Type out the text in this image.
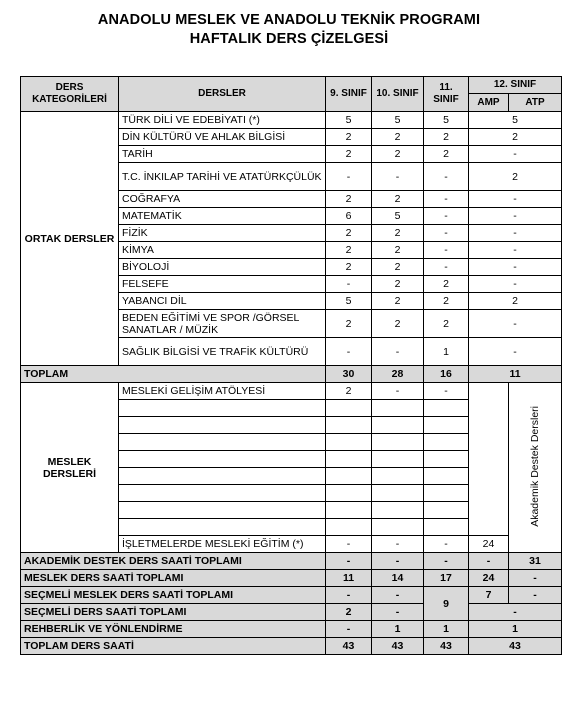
ANADOLU MESLEK VE ANADOLU TEKNİK PROGRAMI
HAFTALIK DERS ÇİZELGESİ
DERS KATEGORİLERİ	DERSLER	9. SINIF	10. SINIF	11. SINIF	12. SINIF	
					AMP	ATP
ORTAK DERSLER	TÜRK DİLİ VE EDEBİYATI (*)	5	5	5	5	
	DİN KÜLTÜRÜ VE AHLAK BİLGİSİ	2	2	2	2	
	TARİH	2	2	2	-	
	T.C. İNKILAP TARİHİ VE ATATÜRKÇÜLÜK	-	-	-	2	
	COĞRAFYA	2	2	-	-	
	MATEMATİK	6	5	-	-	
	FİZİK	2	2	-	-	
	KİMYA	2	2	-	-	
	BİYOLOJİ	2	2	-	-	
	FELSEFE	-	2	2	-	
	YABANCI DİL	5	2	2	2	
	BEDEN EĞİTİMİ VE SPOR /GÖRSEL SANATLAR / MÜZİK	2	2	2	-	
	SAĞLIK BİLGİSİ VE TRAFİK KÜLTÜRÜ	-	-	1	-	
TOPLAM		30	28	16	11	
MESLEK DERSLERİ	MESLEKİ GELİŞİM ATÖLYESİ	2	-	-		Akademik Destek Dersleri

	İŞLETMELERDE MESLEKİ EĞİTİM (*)	-	-	-	24	
AKADEMİK DESTEK DERS SAATİ TOPLAMI		-	-	-	-	31
MESLEK DERS SAATİ TOPLAMI		11	14	17	24	-
SEÇMELİ MESLEK DERS SAATİ TOPLAMI		-	-	9	7	-
SEÇMELİ DERS SAATİ TOPLAMI		2	-		-	
REHBERLİK VE YÖNLENDİRME		-	1	1	1	
TOPLAM DERS SAATİ		43	43	43	43	
